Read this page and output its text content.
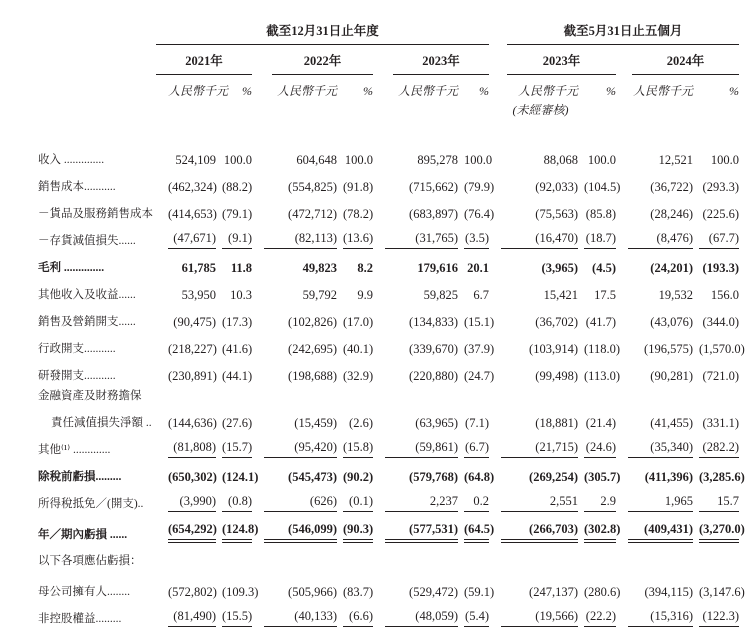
截至12月31日止年度	截至5月31日止五個月
2021年	2022年	2023年	2023年	2024年
人民幣千元	%	人民幣千元	%	人民幣千元	%	人民幣千元	%	人民幣千元	%
(未經審核)
收入 ..............	524,109 100.0	604,648 100.0	895,278 100.0	88,068 100.0	12,521	100.0
銷售成本...........	(462,324) (88.2)	(554,825) (91.8)	(715,662) (79.9)	(92,033) (104.5)	(36,722) (293.3)
－貨品及服務銷售成本 (414,653) (79.1)	(472,712) (78.2)	(683,897) (76.4)	(75,563) (85.8)	(28,246) (225.6)
－存貨減值損失......	(47,671) (9.1)	(82,113) (13.6)	(31,765) (3.5)	(16,470) (18.7)	(8,476)	(67.7)
毛利 ..............	61,785	11.8	49,823	8.2	179,616 20.1	(3,965)	(4.5)	(24,201) (193.3)
其他收入及收益......	53,950	10.3	59,792	9.9	59,825	6.7	15,421	17.5	19,532	156.0
銷售及營銷開支......	(90,475) (17.3)	(102,826) (17.0)	(134,833) (15.1)	(36,702) (41.7)	(43,076) (344.0)
行政開支...........	(218,227) (41.6)	(242,695) (40.1)	(339,670) (37.9)	(103,914) (118.0)	(196,575) (1,570.0)
研發開支...........	(230,891) (44.1)	(198,688) (32.9)	(220,880) (24.7)	(99,498) (113.0)	(90,281) (721.0)
金融資產及財務擔保
責任減值損失淨額 ..	(144,636) (27.6)	(15,459) (2.6)	(63,965) (7.1)	(18,881) (21.4)	(41,455) (331.1)
其他⁽¹⁾ .............	(81,808) (15.7)	(95,420) (15.8)	(59,861) (6.7)	(21,715) (24.6)	(35,340) (282.2)
除稅前虧損.........	(650,302) (124.1)	(545,473) (90.2)	(579,768) (64.8)	(269,254) (305.7)	(411,396) (3,285.6)
所得稅抵免／(開支)..	(3,990) (0.8)	(626) (0.1)	2,237	0.2	2,551	2.9	1,965	15.7
年／期內虧損 ......	(654,292) (124.8)	(546,099) (90.3)	(577,531) (64.5)	(266,703) (302.8)	(409,431) (3,270.0)
以下各項應佔虧損：
母公司擁有人........	(572,802) (109.3)	(505,966) (83.7)	(529,472) (59.1)	(247,137) (280.6)	(394,115) (3,147.6)
非控股權益.........	(81,490) (15.5)	(40,133) (6.6)	(48,059) (5.4)	(19,566) (22.2)	(15,316) (122.3)
